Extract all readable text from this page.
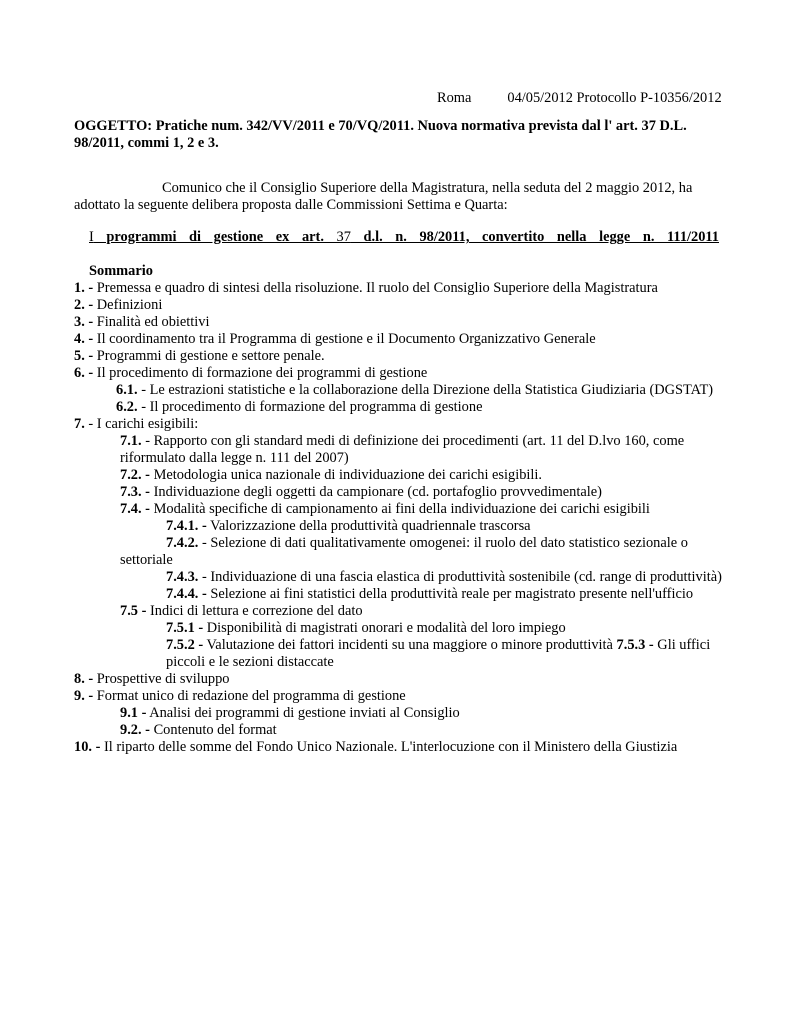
Roma	04/05/2012 Protocollo P-10356/2012
OGGETTO: Pratiche num. 342/VV/2011 e 70/VQ/2011. Nuova normativa prevista dal l' art. 37 D.L. 98/2011, commi 1, 2 e 3.
Comunico che il Consiglio Superiore della Magistratura, nella seduta del 2 maggio 2012, ha adottato la seguente delibera proposta dalle Commissioni Settima e Quarta:
I programmi di gestione ex art. 37 d.l. n. 98/2011, convertito nella legge n. 111/2011
Sommario
1. - Premessa e quadro di sintesi della risoluzione. Il ruolo del Consiglio Superiore della Magistratura
2. - Definizioni
3. - Finalità ed obiettivi
4. - Il coordinamento tra il Programma di gestione e il Documento Organizzativo Generale
5. - Programmi di gestione e settore penale.
6. - Il procedimento di formazione dei programmi di gestione
6.1. - Le estrazioni statistiche e la collaborazione della Direzione della Statistica Giudiziaria (DGSTAT)
6.2. - Il procedimento di formazione del programma di gestione
7. - I carichi esigibili:
7.1. - Rapporto con gli standard medi di definizione dei procedimenti (art. 11 del D.lvo 160, come riformulato dalla legge n. 111 del 2007)
7.2. - Metodologia unica nazionale di individuazione dei carichi esigibili.
7.3. - Individuazione degli oggetti da campionare (cd. portafoglio provvedimentale)
7.4. - Modalità specifiche di campionamento ai fini della individuazione dei carichi esigibili
7.4.1. - Valorizzazione della produttività quadriennale trascorsa
7.4.2. - Selezione di dati qualitativamente omogenei: il ruolo del dato statistico sezionale o settoriale
7.4.3. - Individuazione di una fascia elastica di produttività sostenibile (cd. range di produttività)
7.4.4. - Selezione ai fini statistici della produttività reale per magistrato presente nell'ufficio
7.5 - Indici di lettura e correzione del dato
7.5.1 - Disponibilità di magistrati onorari e modalità del loro impiego
7.5.2 - Valutazione dei fattori incidenti su una maggiore o minore produttività 7.5.3 - Gli uffici piccoli e le sezioni distaccate
8. - Prospettive di sviluppo
9. - Format unico di redazione del programma di gestione
9.1 - Analisi dei programmi di gestione inviati al Consiglio
9.2. - Contenuto del format
10. - Il riparto delle somme del Fondo Unico Nazionale. L'interlocuzione con il Ministero della Giustizia
